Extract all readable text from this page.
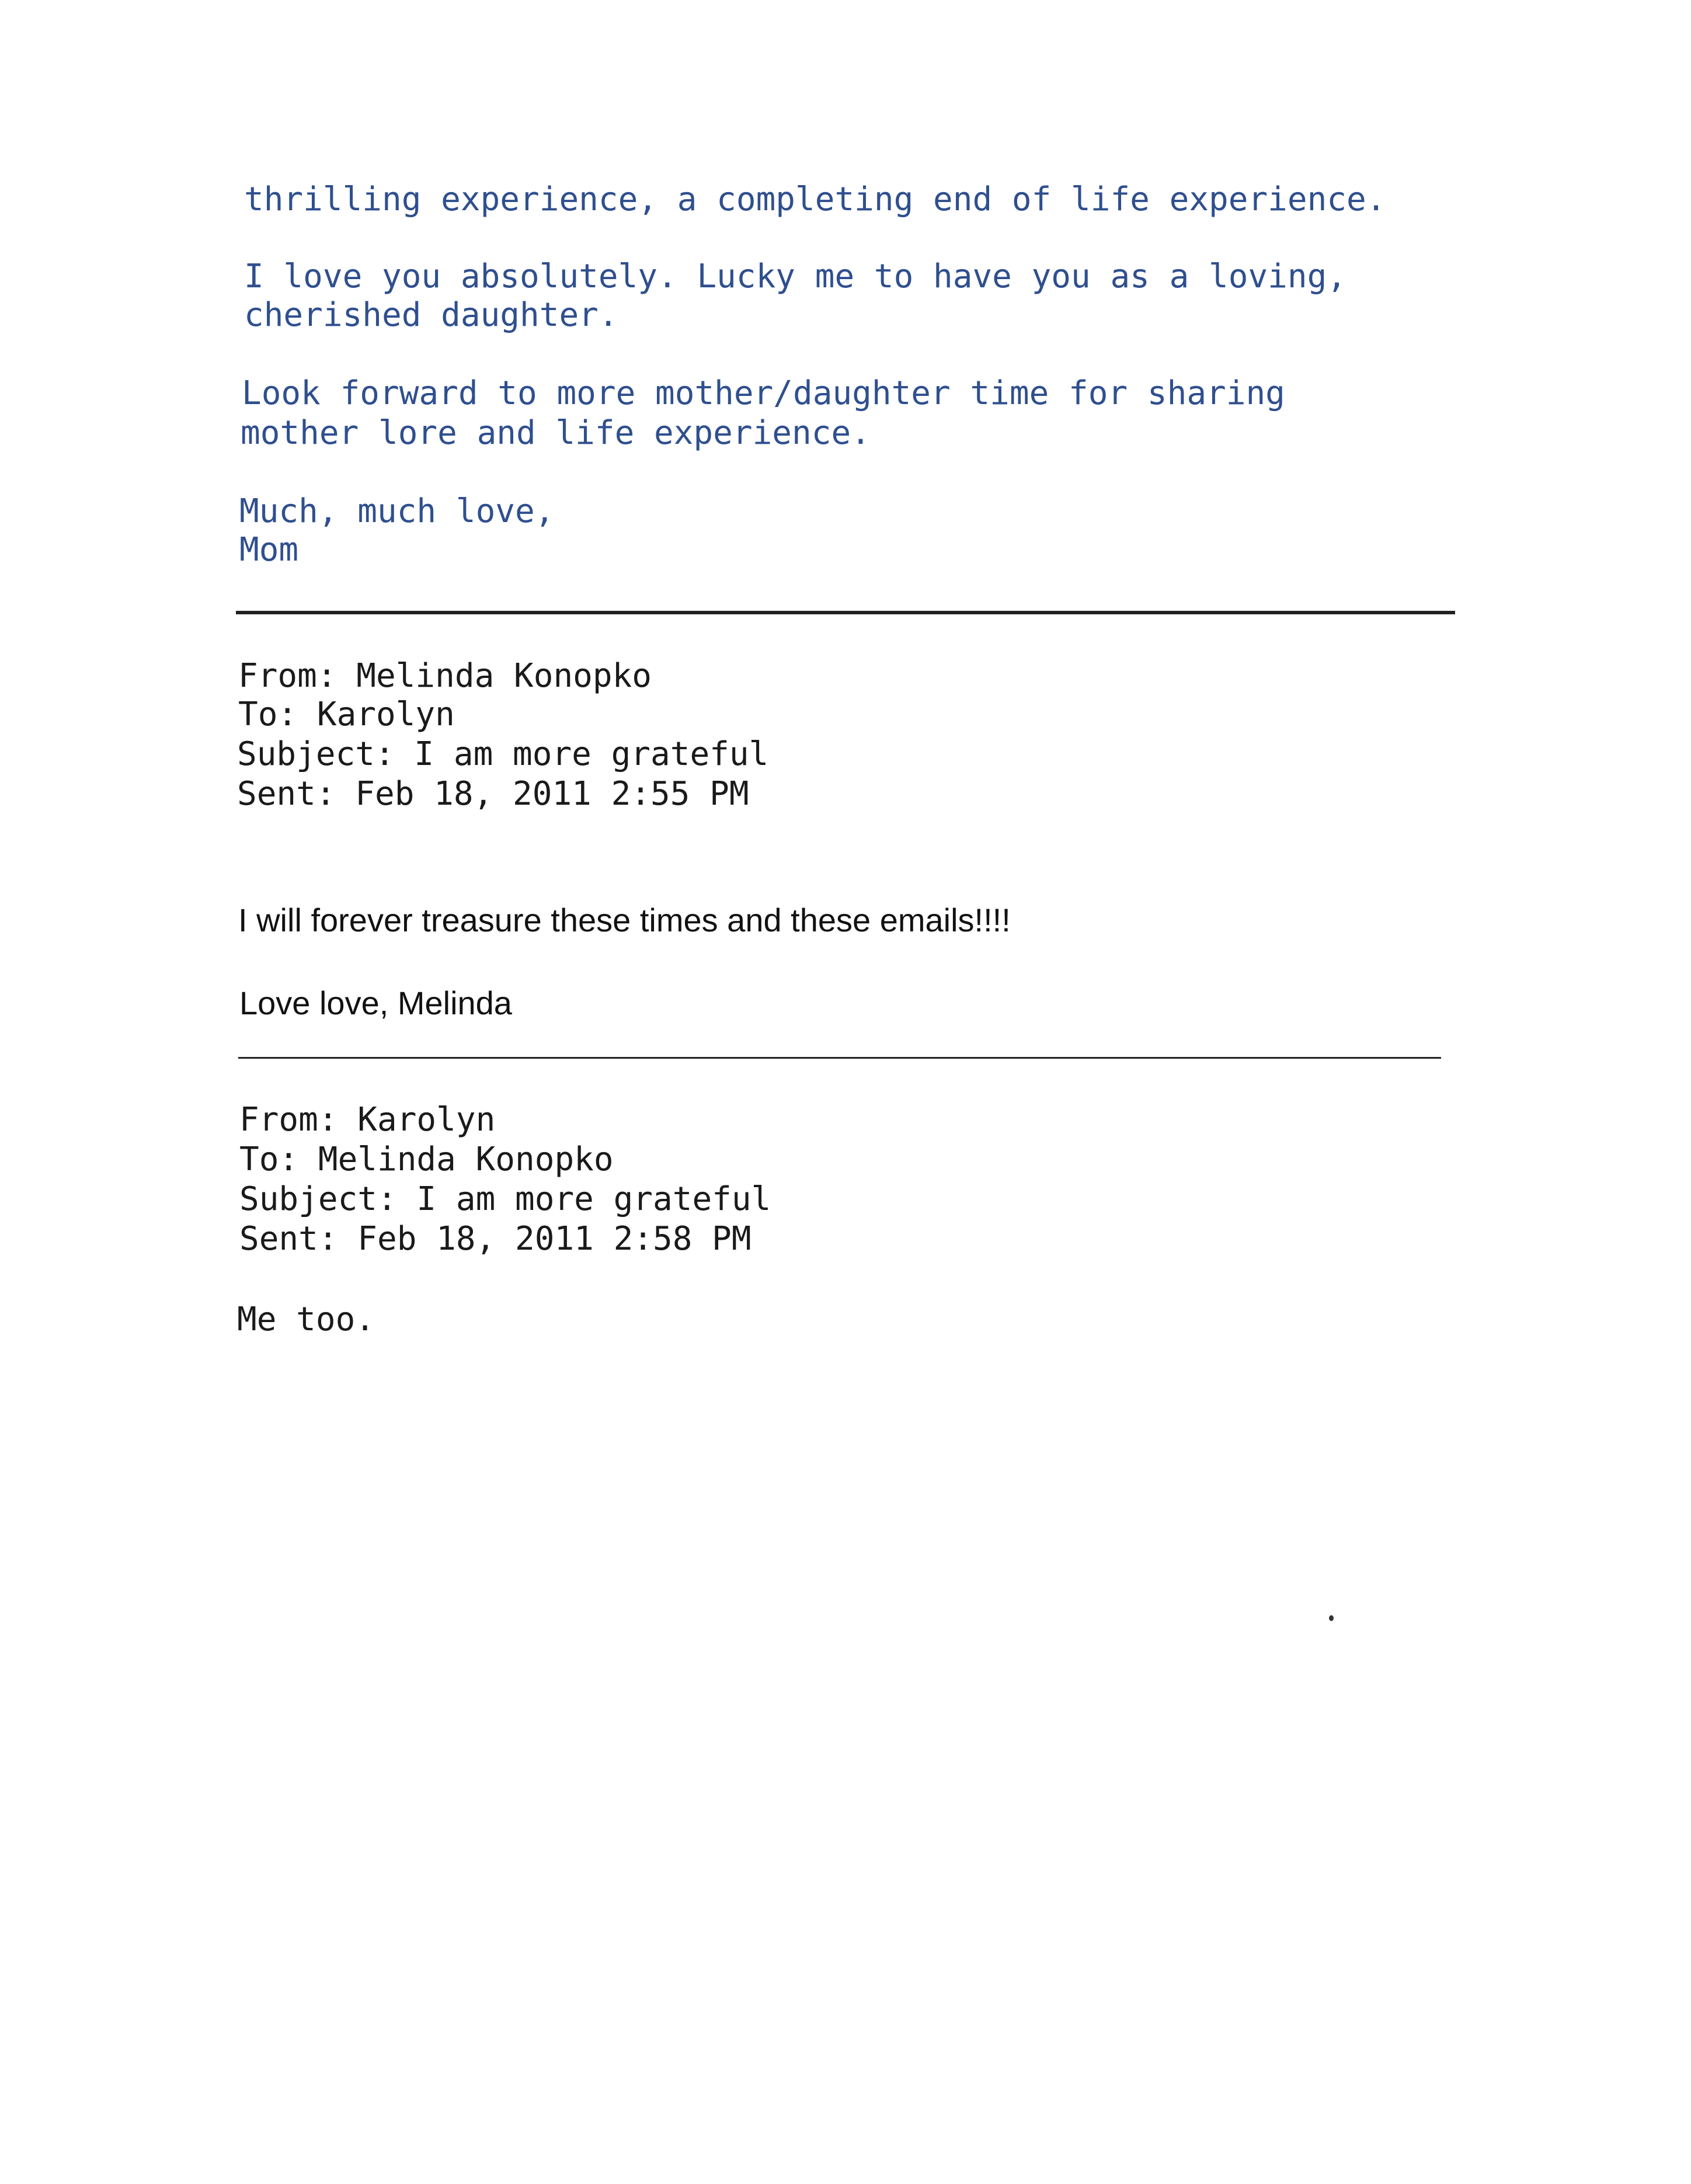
thrilling experience, a completing end of life experience.

I love you absolutely. Lucky me to have you as a loving,

cherished daughter.

Look forward to more mother/daughter time for sharing

mother lore and life experience.

Much, much love,

Mom

From: Melinda Konopko

To: Karolyn

Subject: I am more grateful

Sent: Feb 18, 2011 2:55 PM

I will forever treasure these times and these emails!!!!

Love love, Melinda

From: Karolyn

To: Melinda Konopko

Subject: I am more grateful

Sent: Feb 18, 2011 2:58 PM

Me too.
